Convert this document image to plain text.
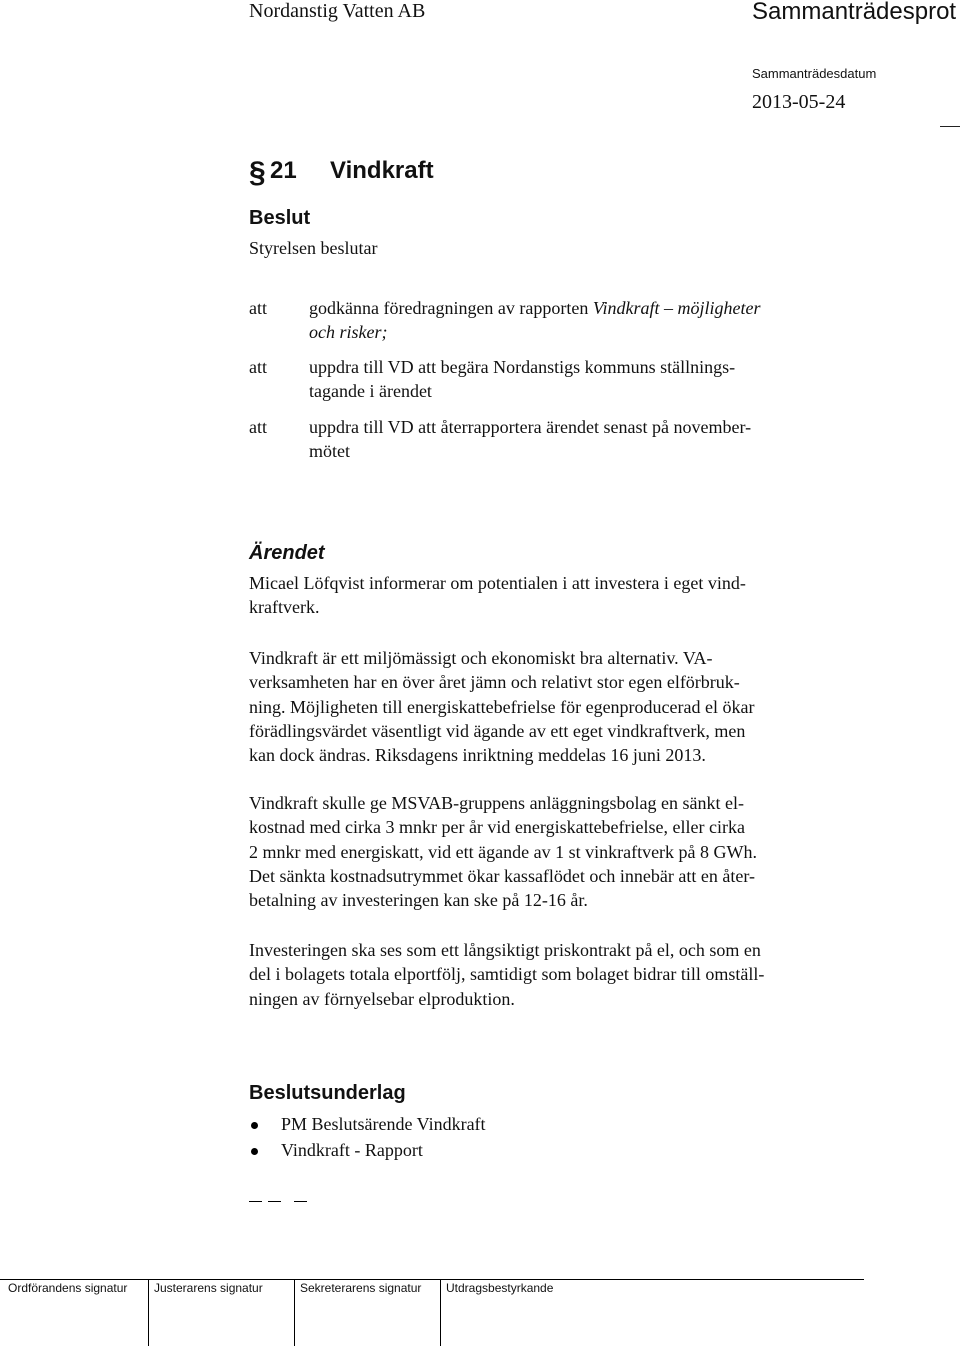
Nordanstig Vatten AB	Sammanträdesprot
Sammanträdesdatum
2013-05-24
§ 21 Vindkraft
Beslut
Styrelsen beslutar
att godkänna föredragningen av rapporten Vindkraft – möjligheter
och risker;
att uppdra till VD att begära Nordanstigs kommuns ställnings-
tagande i ärendet
att uppdra till VD att återrapportera ärendet senast på november-
mötet
Ärendet
Micael Löfqvist informerar om potentialen i att investera i eget vind-
kraftverk.
Vindkraft är ett miljömässigt och ekonomiskt bra alternativ. VA-
verksamheten har en över året jämn och relativt stor egen elförbruk-
ning. Möjligheten till energiskattebefrielse för egenproducerad el ökar
förädlingsvärdet väsentligt vid ägande av ett eget vindkraftverk, men
kan dock ändras. Riksdagens inriktning meddelas 16 juni 2013.
Vindkraft skulle ge MSVAB-gruppens anläggningsbolag en sänkt el-
kostnad med cirka 3 mnkr per år vid energiskattebefrielse, eller cirka
2 mnkr med energiskatt, vid ett ägande av 1 st vinkraftverk på 8 GWh.
Det sänkta kostnadsutrymmet ökar kassaflödet och innebär att en åter-
betalning av investeringen kan ske på 12-16 år.
Investeringen ska ses som ett långsiktigt priskontrakt på el, och som en
del i bolagets totala elportfölj, samtidigt som bolaget bidrar till omställ-
ningen av förnyelsebar elproduktion.
Beslutsunderlag
PM Beslutsärende Vindkraft
Vindkraft - Rapport
Ordförandens signatur Justerarens signatur	Sekreterarens signatur Utdragsbestyrkande
